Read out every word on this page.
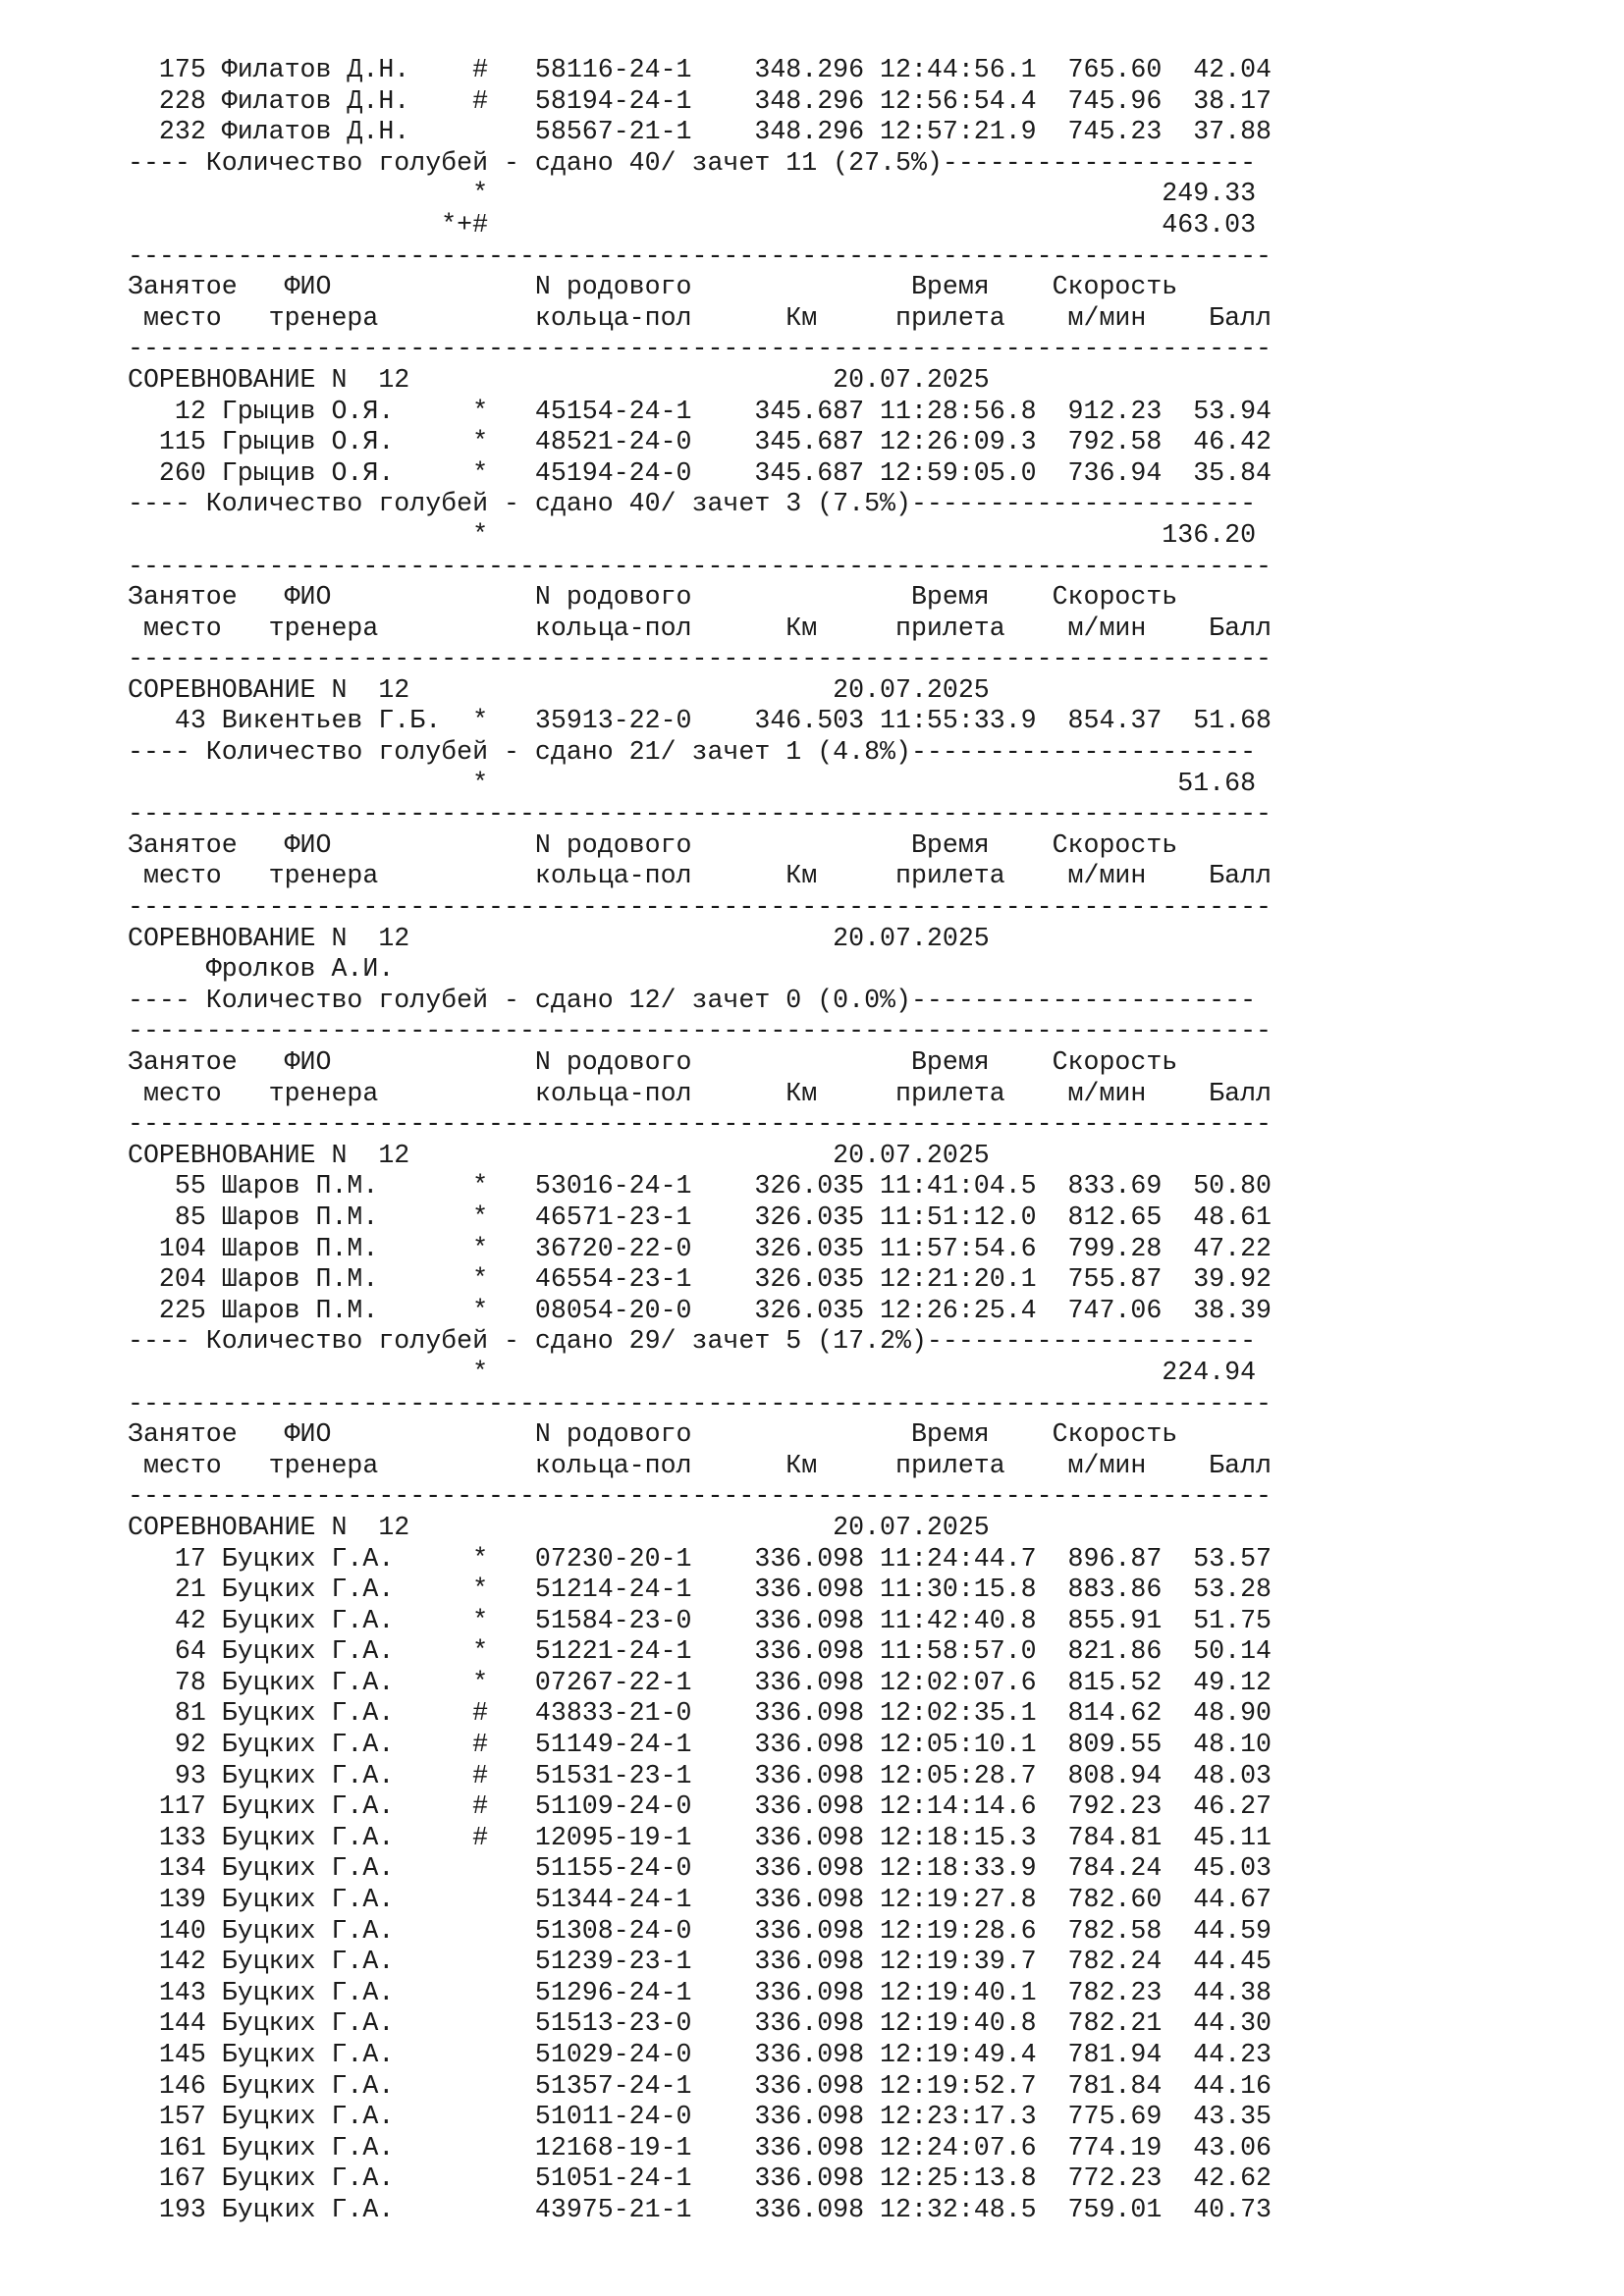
175 Филатов Д.Н.    #   58116-24-1    348.296 12:44:56.1  765.60  42.04
228 Филатов Д.Н.    #   58194-24-1    348.296 12:56:54.4  745.96  38.17
232 Филатов Д.Н.        58567-21-1    348.296 12:57:21.9  745.23  37.88
---- Количество голубей - сдано 40/ зачет 11 (27.5%)--------------------
*                                           249.33
*+#                                           463.03
-------------------------------------------------------------------------
Занятое   ФИО             N родового              Время    Скорость
место   тренера          кольца-пол      Км     прилета    м/мин    Балл
-------------------------------------------------------------------------
СОРЕВНОВАНИЕ N  12                           20.07.2025
12 Грыцив О.Я.     *   45154-24-1    345.687 11:28:56.8  912.23  53.94
115 Грыцив О.Я.     *   48521-24-0    345.687 12:26:09.3  792.58  46.42
260 Грыцив О.Я.     *   45194-24-0    345.687 12:59:05.0  736.94  35.84
---- Количество голубей - сдано 40/ зачет 3 (7.5%)----------------------
*                                           136.20
-------------------------------------------------------------------------
Занятое   ФИО             N родового              Время    Скорость
место   тренера          кольца-пол      Км     прилета    м/мин    Балл
-------------------------------------------------------------------------
СОРЕВНОВАНИЕ N  12                           20.07.2025
43 Викентьев Г.Б.  *   35913-22-0    346.503 11:55:33.9  854.37  51.68
---- Количество голубей - сдано 21/ зачет 1 (4.8%)----------------------
*                                            51.68
-------------------------------------------------------------------------
Занятое   ФИО             N родового              Время    Скорость
место   тренера          кольца-пол      Км     прилета    м/мин    Балл
-------------------------------------------------------------------------
СОРЕВНОВАНИЕ N  12                           20.07.2025
Фролков А.И.
---- Количество голубей - сдано 12/ зачет 0 (0.0%)----------------------
-------------------------------------------------------------------------
Занятое   ФИО             N родового              Время    Скорость
место   тренера          кольца-пол      Км     прилета    м/мин    Балл
-------------------------------------------------------------------------
СОРЕВНОВАНИЕ N  12                           20.07.2025
55 Шаров П.М.      *   53016-24-1    326.035 11:41:04.5  833.69  50.80
85 Шаров П.М.      *   46571-23-1    326.035 11:51:12.0  812.65  48.61
104 Шаров П.М.      *   36720-22-0    326.035 11:57:54.6  799.28  47.22
204 Шаров П.М.      *   46554-23-1    326.035 12:21:20.1  755.87  39.92
225 Шаров П.М.      *   08054-20-0    326.035 12:26:25.4  747.06  38.39
---- Количество голубей - сдано 29/ зачет 5 (17.2%)---------------------
*                                           224.94
-------------------------------------------------------------------------
Занятое   ФИО             N родового              Время    Скорость
место   тренера          кольца-пол      Км     прилета    м/мин    Балл
-------------------------------------------------------------------------
СОРЕВНОВАНИЕ N  12                           20.07.2025
17 Буцких Г.А.     *   07230-20-1    336.098 11:24:44.7  896.87  53.57
21 Буцких Г.А.     *   51214-24-1    336.098 11:30:15.8  883.86  53.28
42 Буцких Г.А.     *   51584-23-0    336.098 11:42:40.8  855.91  51.75
64 Буцких Г.А.     *   51221-24-1    336.098 11:58:57.0  821.86  50.14
78 Буцких Г.А.     *   07267-22-1    336.098 12:02:07.6  815.52  49.12
81 Буцких Г.А.     #   43833-21-0    336.098 12:02:35.1  814.62  48.90
92 Буцких Г.А.     #   51149-24-1    336.098 12:05:10.1  809.55  48.10
93 Буцких Г.А.     #   51531-23-1    336.098 12:05:28.7  808.94  48.03
117 Буцких Г.А.     #   51109-24-0    336.098 12:14:14.6  792.23  46.27
133 Буцких Г.А.     #   12095-19-1    336.098 12:18:15.3  784.81  45.11
134 Буцких Г.А.         51155-24-0    336.098 12:18:33.9  784.24  45.03
139 Буцких Г.А.         51344-24-1    336.098 12:19:27.8  782.60  44.67
140 Буцких Г.А.         51308-24-0    336.098 12:19:28.6  782.58  44.59
142 Буцких Г.А.         51239-23-1    336.098 12:19:39.7  782.24  44.45
143 Буцких Г.А.         51296-24-1    336.098 12:19:40.1  782.23  44.38
144 Буцких Г.А.         51513-23-0    336.098 12:19:40.8  782.21  44.30
145 Буцких Г.А.         51029-24-0    336.098 12:19:49.4  781.94  44.23
146 Буцких Г.А.         51357-24-1    336.098 12:19:52.7  781.84  44.16
157 Буцких Г.А.         51011-24-0    336.098 12:23:17.3  775.69  43.35
161 Буцких Г.А.         12168-19-1    336.098 12:24:07.6  774.19  43.06
167 Буцких Г.А.         51051-24-1    336.098 12:25:13.8  772.23  42.62
193 Буцких Г.А.         43975-21-1    336.098 12:32:48.5  759.01  40.73
